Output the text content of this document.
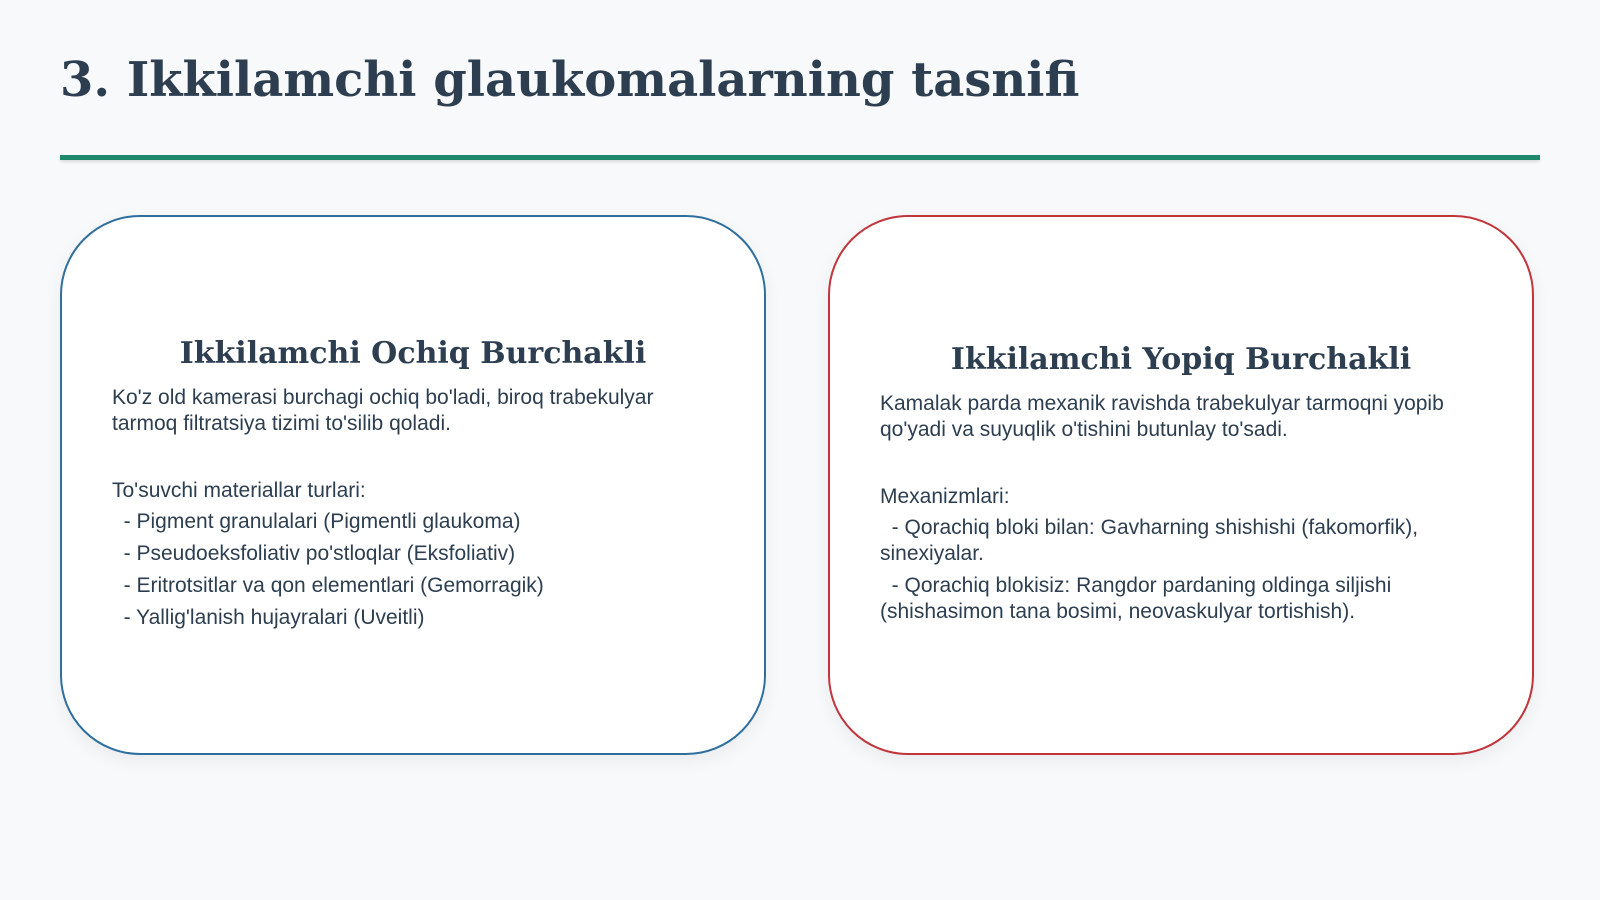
3. Ikkilamchi glaukomalarning tasnifi
Ikkilamchi Ochiq Burchakli

Ko'z old kamerasi burchagi ochiq bo'ladi, biroq trabekulyar tarmoq filtratsiya tizimi to'silib qoladi.

To'suvchi materiallar turlari:

- Pigment granulalari (Pigmentli glaukoma)
- Pseudoeksfoliativ po'stloqlar (Eksfoliativ)
- Eritrotsitlar va qon elementlari (Gemorragik)
- Yallig'lanish hujayralari (Uveitli)
Ikkilamchi Yopiq Burchakli

Kamalak parda mexanik ravishda trabekulyar tarmoqni yopib qo'yadi va suyuqlik o'tishini butunlay to'sadi.

Mexanizmlari:

- Qorachiq bloki bilan: Gavharning shishishi (fakomorfik), sinexiyalar.
- Qorachiq blokisiz: Rangdor pardaning oldinga siljishi (shishasimon tana bosimi, neovaskulyar tortishish).
